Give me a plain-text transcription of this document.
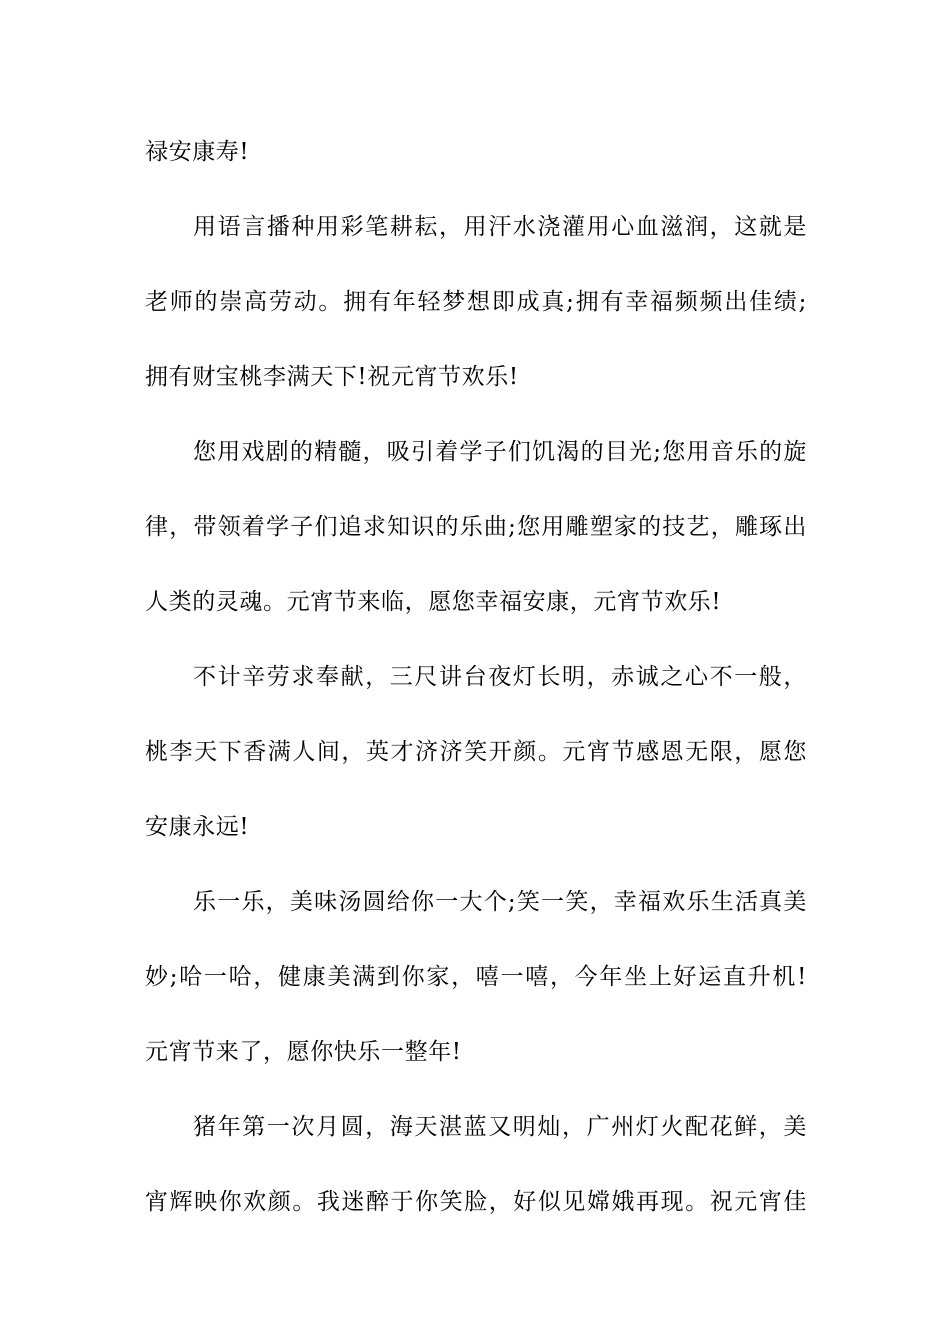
禄安康寿!
用语言播种用彩笔耕耘，用汗水浇灌用心血滋润，这就是
老师的崇高劳动。拥有年轻梦想即成真;拥有幸福频频出佳绩;
拥有财宝桃李满天下!祝元宵节欢乐!
您用戏剧的精髓，吸引着学子们饥渴的目光;您用音乐的旋
律，带领着学子们追求知识的乐曲;您用雕塑家的技艺，雕琢出
人类的灵魂。元宵节来临，愿您幸福安康，元宵节欢乐!
不计辛劳求奉献，三尺讲台夜灯长明，赤诚之心不一般，
桃李天下香满人间，英才济济笑开颜。元宵节感恩无限，愿您
安康永远!
乐一乐，美味汤圆给你一大个;笑一笑，幸福欢乐生活真美
妙;哈一哈，健康美满到你家，嘻一嘻，今年坐上好运直升机!
元宵节来了，愿你快乐一整年!
猪年第一次月圆，海天湛蓝又明灿，广州灯火配花鲜，美
宵辉映你欢颜。我迷醉于你笑脸，好似见嫦娥再现。祝元宵佳
